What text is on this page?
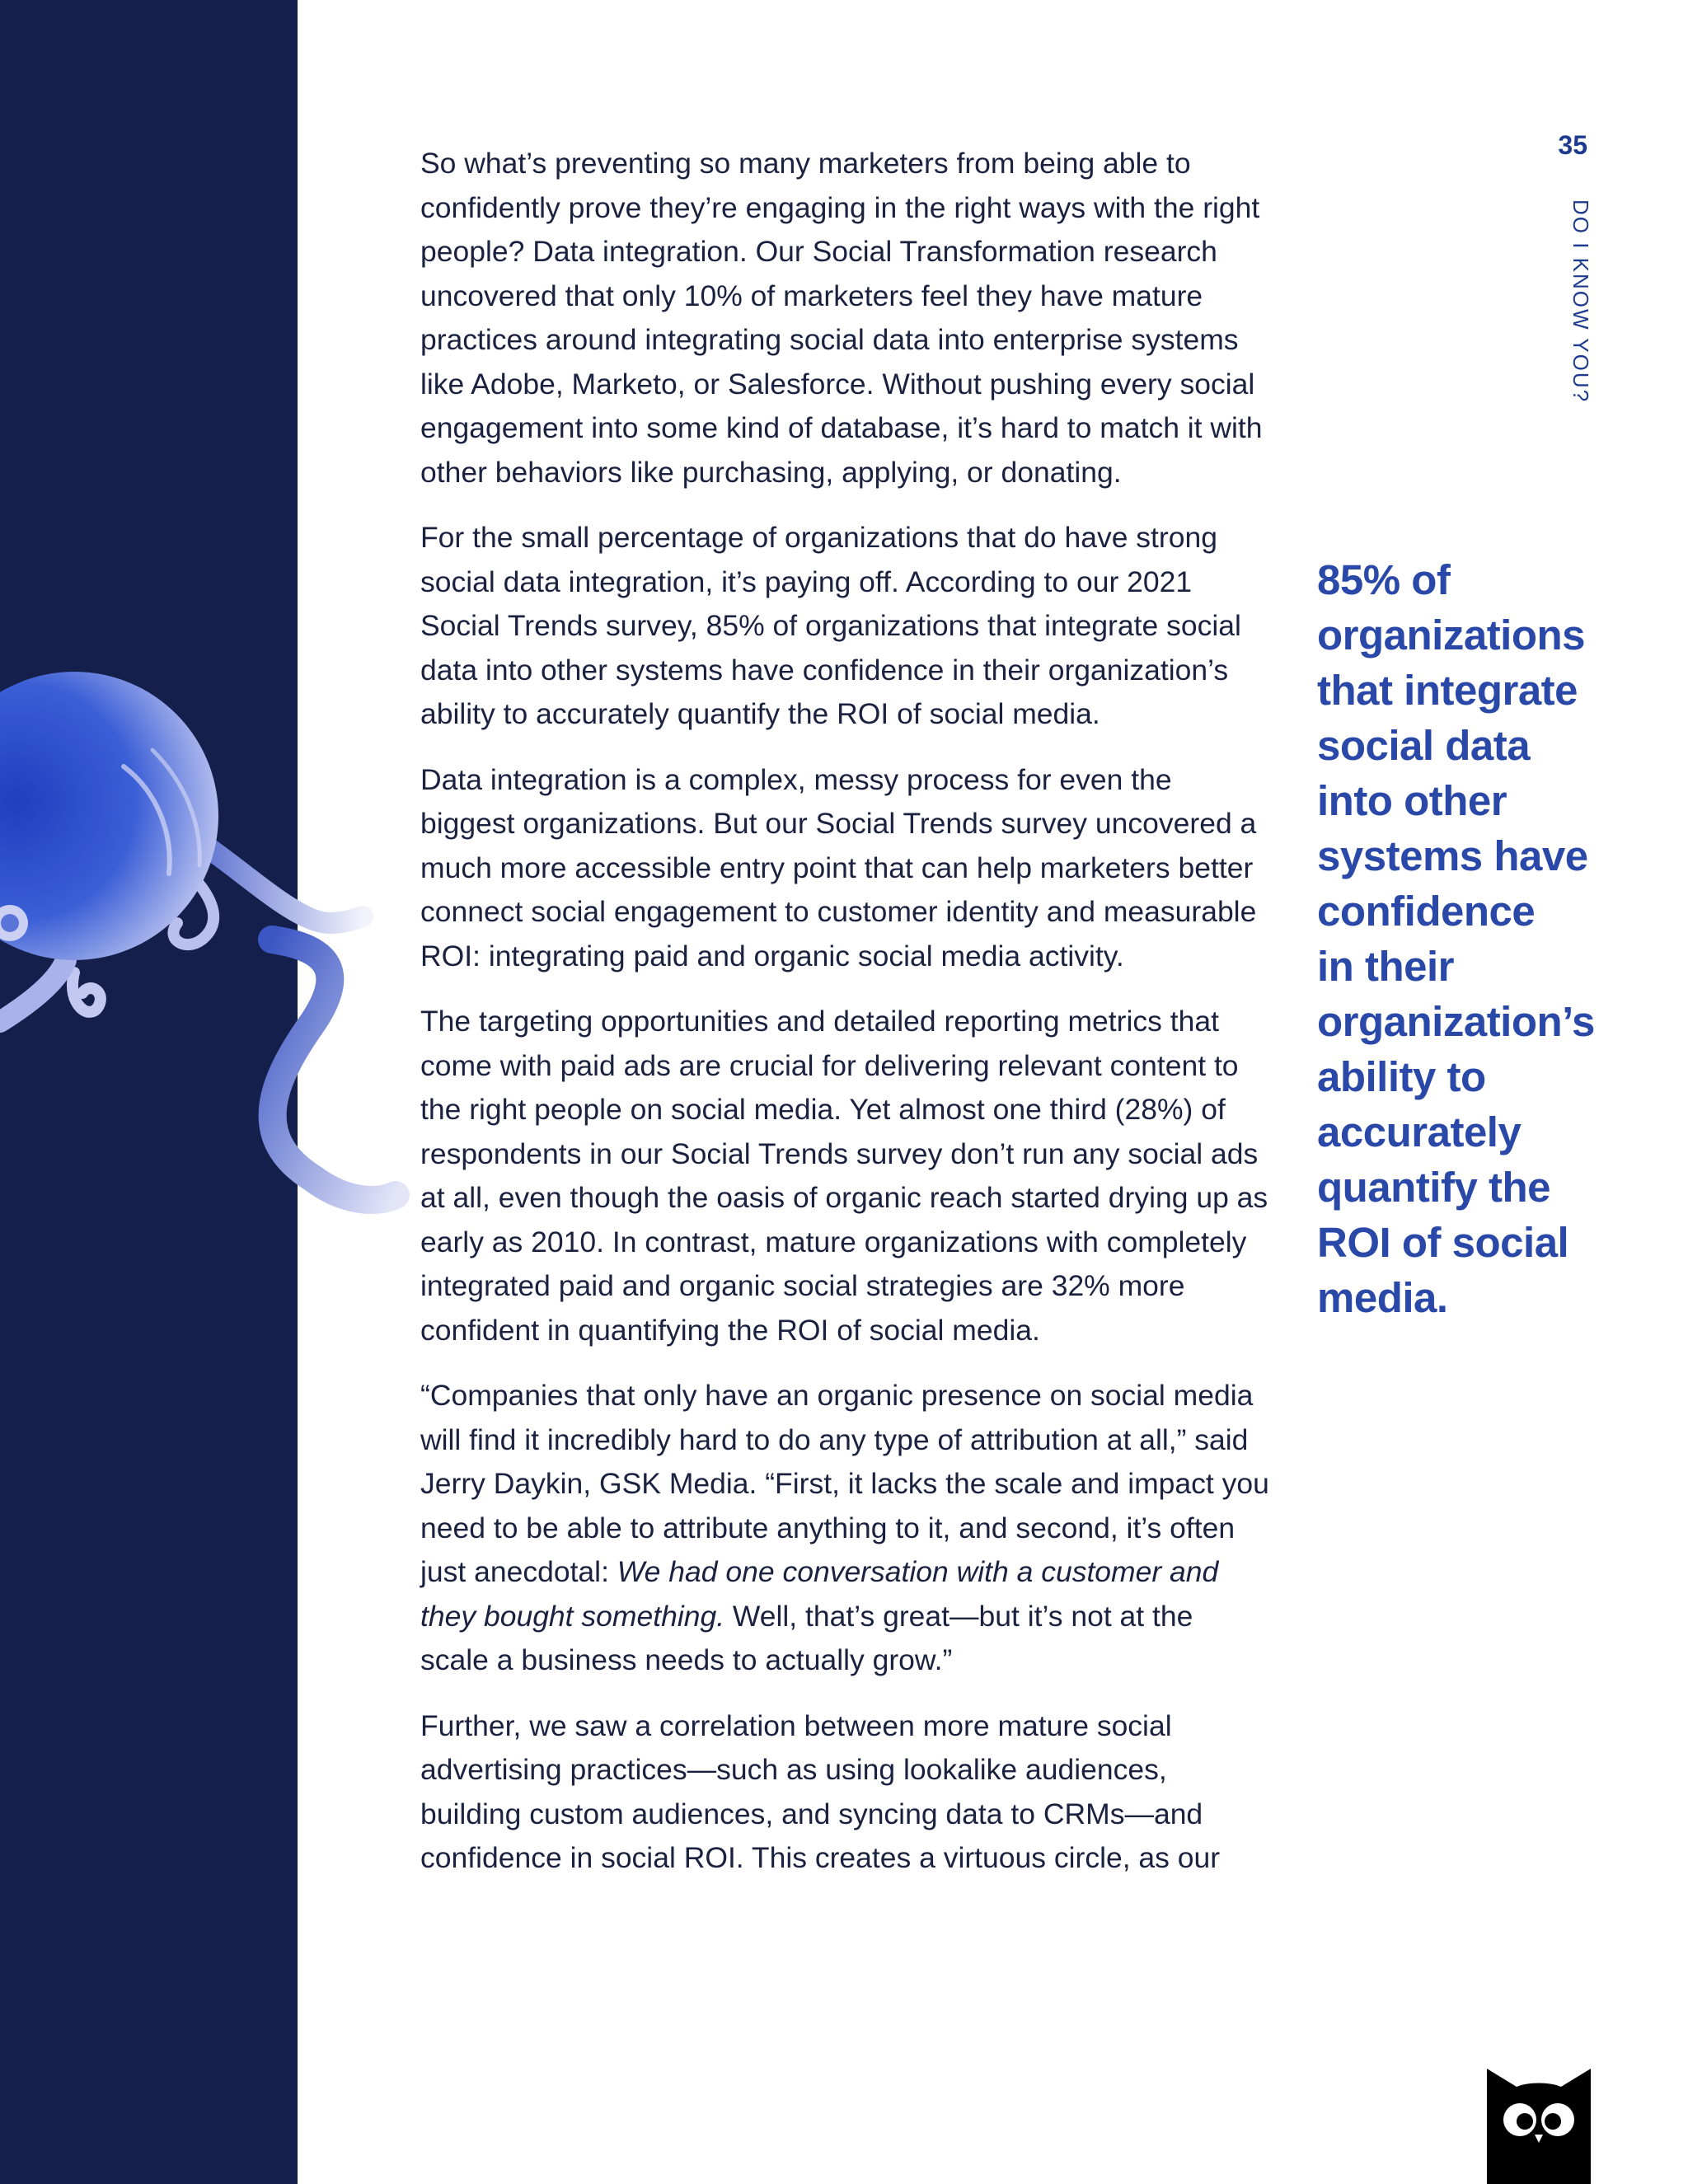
So what’s preventing so many marketers from being able to confidently prove they’re engaging in the right ways with the right people? Data integration. Our Social Transformation research uncovered that only 10% of marketers feel they have mature practices around integrating social data into enterprise systems like Adobe, Marketo, or Salesforce. Without pushing every social engagement into some kind of database, it’s hard to match it with other behaviors like purchasing, applying, or donating.

For the small percentage of organizations that do have strong social data integration, it’s paying off. According to our 2021 Social Trends survey, 85% of organizations that integrate social data into other systems have confidence in their organization’s ability to accurately quantify the ROI of social media.

Data integration is a complex, messy process for even the biggest organizations. But our Social Trends survey uncovered a much more accessible entry point that can help marketers better connect social engagement to customer identity and measurable ROI: integrating paid and organic social media activity.

The targeting opportunities and detailed reporting metrics that come with paid ads are crucial for delivering relevant content to the right people on social media. Yet almost one third (28%) of respondents in our Social Trends survey don’t run any social ads at all, even though the oasis of organic reach started drying up as early as 2010. In contrast, mature organizations with completely integrated paid and organic social strategies are 32% more confident in quantifying the ROI of social media.

“Companies that only have an organic presence on social media will find it incredibly hard to do any type of attribution at all,” said Jerry Daykin, GSK Media. “First, it lacks the scale and impact you need to be able to attribute anything to it, and second, it’s often just anecdotal: We had one conversation with a customer and they bought something. Well, that’s great—but it’s not at the scale a business needs to actually grow.”

Further, we saw a correlation between more mature social advertising practices—such as using lookalike audiences, building custom audiences, and syncing data to CRMs—and confidence in social ROI. This creates a virtuous circle, as our

35
DO I KNOW YOU?
85% of
organizations
that integrate
social data
into other
systems have
confidence
in their
organization’s
ability to
accurately
quantify the
ROI of social
media.
